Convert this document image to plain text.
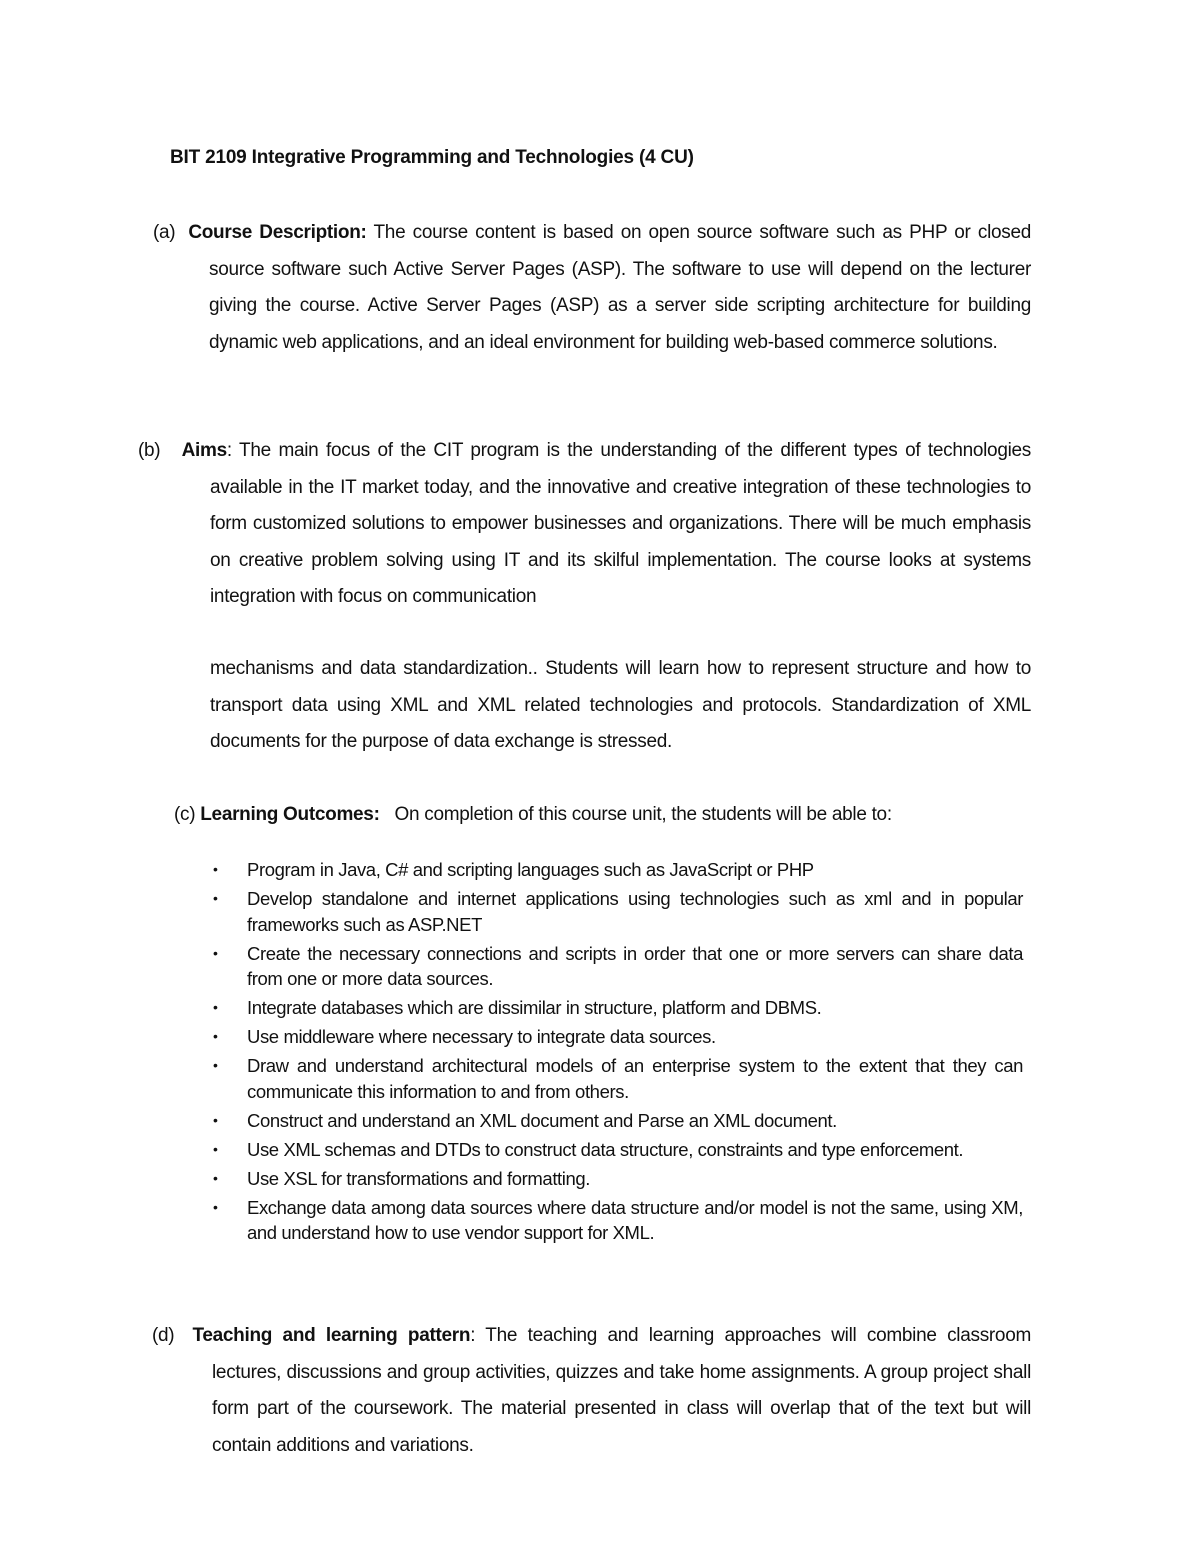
BIT 2109 Integrative Programming and Technologies (4 CU)

(a) Course Description: The course content is based on open source software such as PHP or closed source software such Active Server Pages (ASP). The software to use will depend on the lecturer giving the course. Active Server Pages (ASP) as a server side scripting architecture for building dynamic web applications, and an ideal environment for building web-based commerce solutions.

(b) Aims: The main focus of the CIT program is the understanding of the different types of technologies available in the IT market today, and the innovative and creative integration of these technologies to form customized solutions to empower businesses and organizations. There will be much emphasis on creative problem solving using IT and its skilful implementation. The course looks at systems integration with focus on communication

mechanisms and data standardization.. Students will learn how to represent structure and how to transport data using XML and XML related technologies and protocols. Standardization of XML documents for the purpose of data exchange is stressed.

(c) Learning Outcomes: On completion of this course unit, the students will be able to:

• Program in Java, C# and scripting languages such as JavaScript or PHP
• Develop standalone and internet applications using technologies such as xml and in popular frameworks such as ASP.NET
• Create the necessary connections and scripts in order that one or more servers can share data from one or more data sources.
• Integrate databases which are dissimilar in structure, platform and DBMS.
• Use middleware where necessary to integrate data sources.
• Draw and understand architectural models of an enterprise system to the extent that they can communicate this information to and from others.
• Construct and understand an XML document and Parse an XML document.
• Use XML schemas and DTDs to construct data structure, constraints and type enforcement.
• Use XSL for transformations and formatting.
• Exchange data among data sources where data structure and/or model is not the same, using XM, and understand how to use vendor support for XML.

(d) Teaching and learning pattern: The teaching and learning approaches will combine classroom lectures, discussions and group activities, quizzes and take home assignments. A group project shall form part of the coursework. The material presented in class will overlap that of the text but will contain additions and variations.
